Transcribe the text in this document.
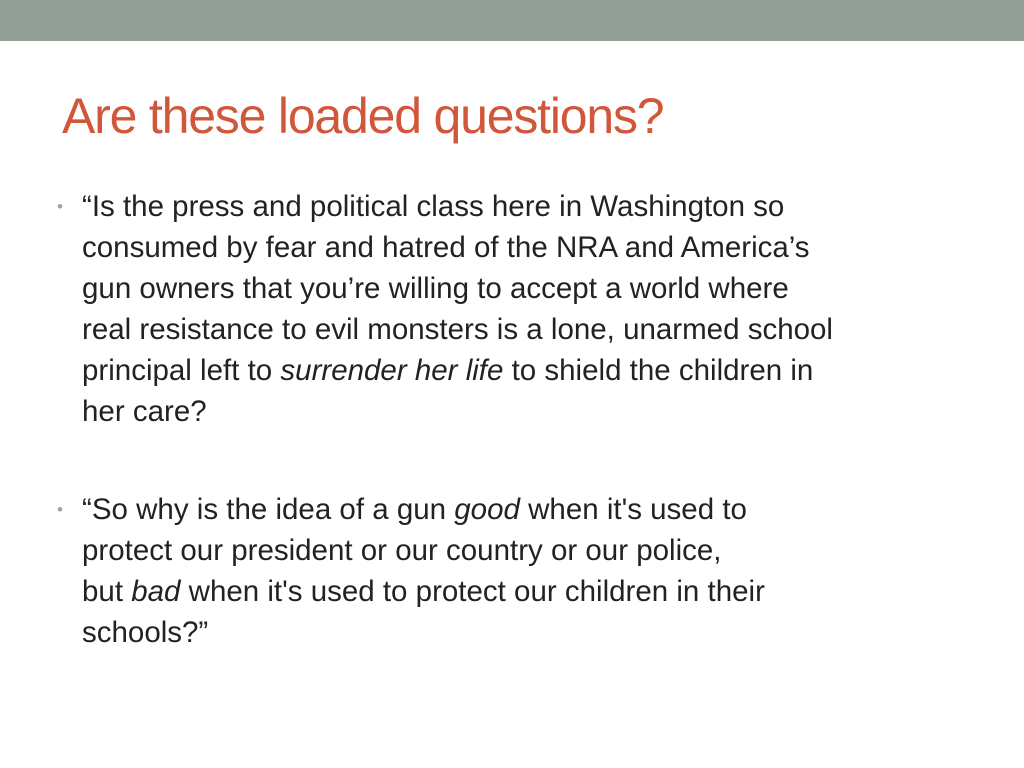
Are these loaded questions?
• “Is the press and political class here in Washington so
consumed by fear and hatred of the NRA and America’s
gun owners that you’re willing to accept a world where
real resistance to evil monsters is a lone, unarmed school
principal left to surrender her life to shield the children in
her care?
• “So why is the idea of a gun good when it's used to
protect our president or our country or our police,
but bad when it's used to protect our children in their
schools?”
